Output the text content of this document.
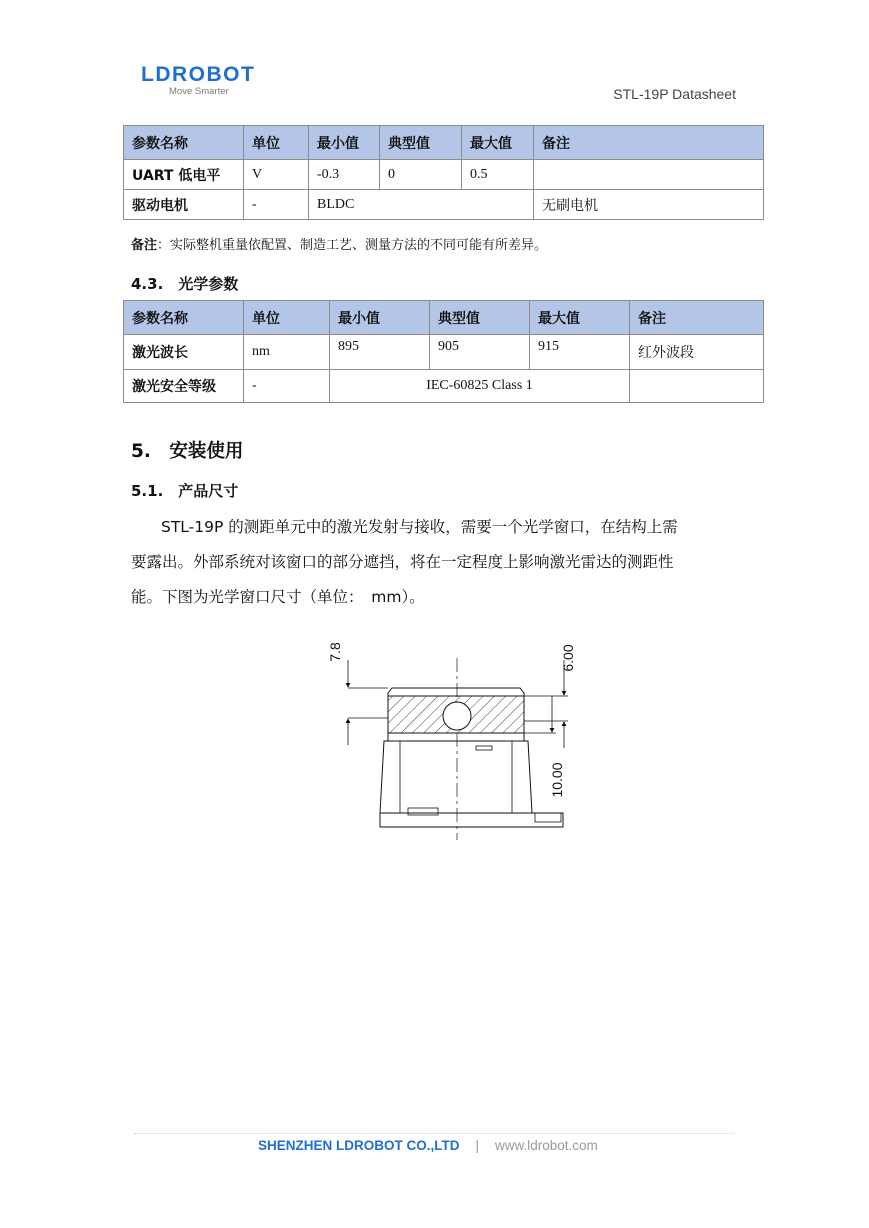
LDROBOT
Move Smarter	STL-19P Datasheet
参数名称	单位	最小值	典型值	最大值	备注
UART 低电平	V	-0.3	0	0.5	
驱动电机	-	BLDC			无刷电机
备注：实际整机重量依配置、制造工艺、测量方法的不同可能有所差异。
4.3.　光学参数
参数名称	单位	最小值	典型值	最大值	备注
激光波长	nm	895	905	915	红外波段
激光安全等级	-	IEC-60825 Class 1			
5.　安装使用
5.1.　产品尺寸

STL-19P 的测距单元中的激光发射与接收，需要一个光学窗口，在结构上需

要露出。外部系统对该窗口的部分遮挡，将在一定程度上影响激光雷达的测距性

能。下图为光学窗口尺寸（单位：　mm）。

7.8	6.00
10.00
SHENZHEN LDROBOT CO.,LTD | www.ldrobot.com
